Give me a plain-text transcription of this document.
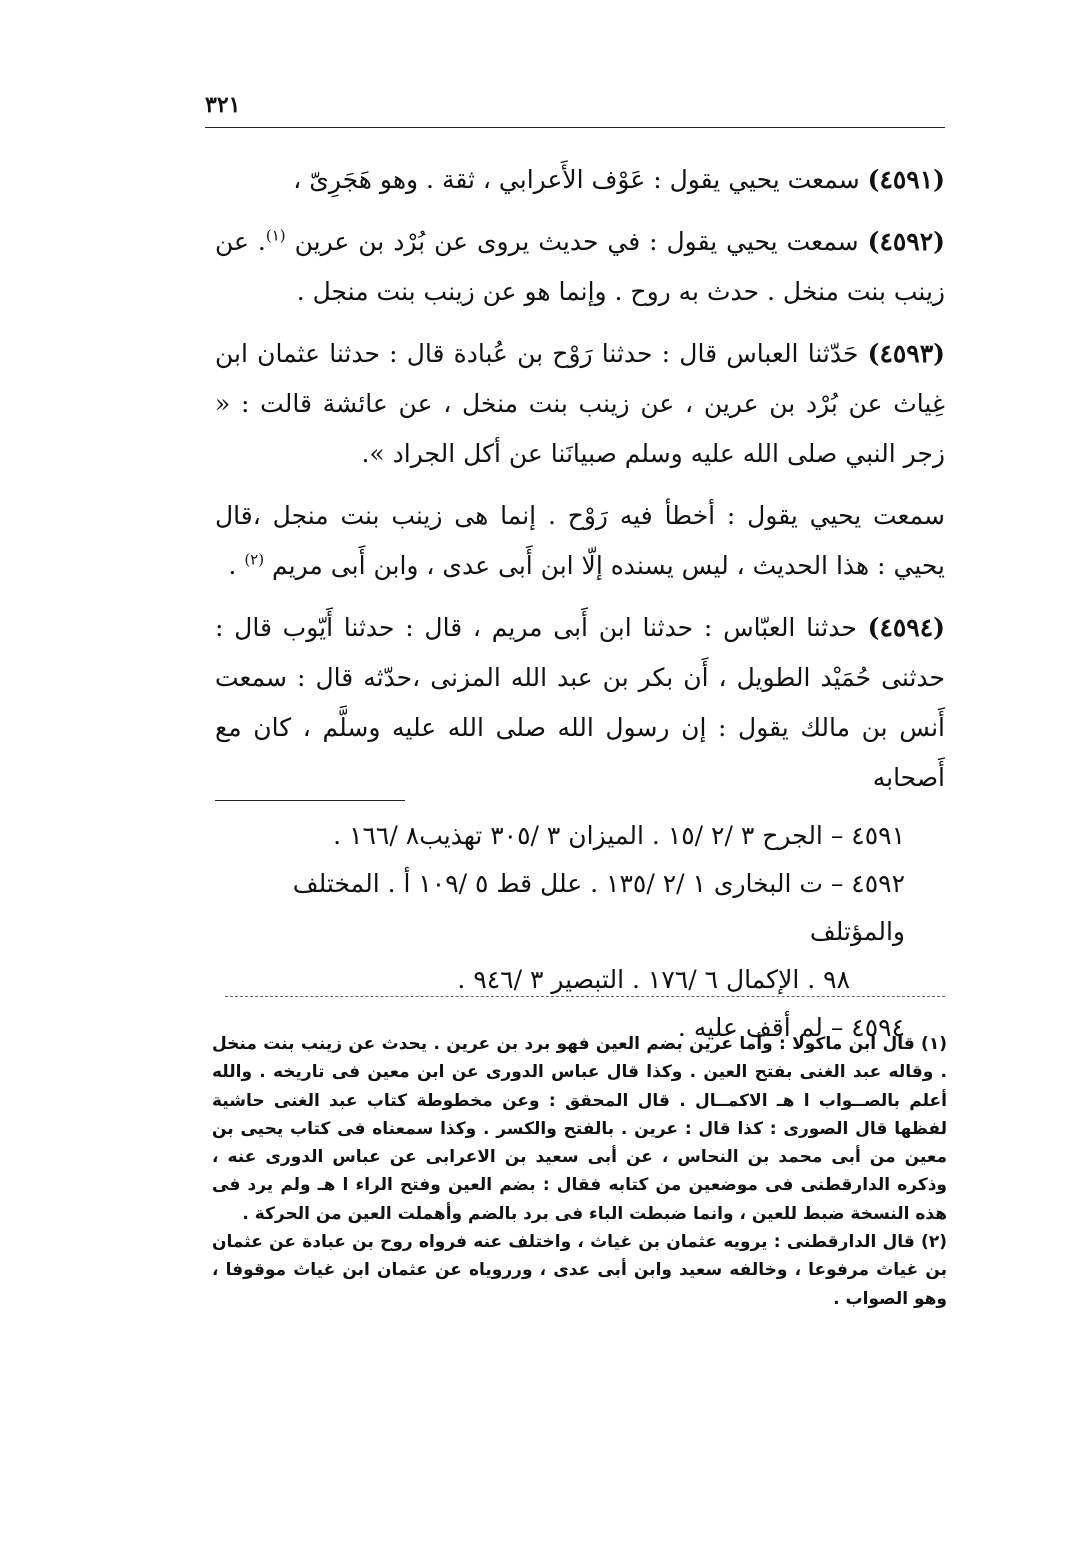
٣٢١

(٤٥٩١) سمعت يحيي يقول : عَوْف الأَعرابي ، ثقة . وهو هَجَرِىّ ،

(٤٥٩٢) سمعت يحيي يقول : في حديث يروى عن بُرْد بن عرين $^{(١)}$. عن زينب بنت منخل . حدث به روح . وإنما هو عن زينب بنت منجل .

(٤٥٩٣) حَدّثنا العباس قال : حدثنا رَوْح بن عُبادة قال : حدثنا عثمان ابن غِياث عن بُرْد بن عرين ، عن زينب بنت منخل ، عن عائشة قالت : « زجر النبي صلى الله عليه وسلم صبيانَنا عن أكل الجراد ».

سمعت يحيي يقول : أخطأ فيه رَوْح . إنما هى زينب بنت منجل ،قال يحيي : هذا الحديث ، ليس يسنده إلّا ابن أَبى عدى ، وابن أَبى مريم $^{(٢)}$ .

(٤٥٩٤) حدثنا العبّاس : حدثنا ابن أَبى مريم ، قال : حدثنا أَيّوب قال : حدثنى حُمَيْد الطويل ، أَن بكر بن عبد الله المزنى ،حدّثه قال : سمعت أَنس بن مالك يقول : إن رسول الله صلى الله عليه وسلَّم ، كان مع أَصحابه

٤٥٩١ – الجرح ٣ /٢ /١٥ . الميزان ٣ /٣٠٥ تهذيب٨ /١٦٦ .
٤٥٩٢ – ت البخارى ١ /٢ /١٣٥ . علل قط ٥ /١٠٩ أ . المختلف والمؤتلف
٩٨ . الإكمال ٦ /١٧٦ . التبصير ٣ /٩٤٦ .
٤٥٩٤ – لم أقف عليه .

(١) قال ابن ماكولا : وأما عرين بضم العين فهو برد بن عرين . يحدث عن زينب بنت منخل . وقاله عبد الغنى بفتح العين . وكذا قال عباس الدورى عن ابن معين فى تاريخه . والله أعلم بالصــواب ا هـ الاكمــال . قال المحقق : وعن مخطوطة كتاب عبد الغنى حاشية لفظها قال الصورى : كذا قال : عرين . بالفتح والكسر . وكذا سمعناه فى كتاب يحيى بن معين من أبى محمد بن النحاس ، عن أبى سعيد بن الاعرابى عن عباس الدورى عنه ، وذكره الدارقطنى فى موضعين من كتابه فقال : بضم العين وفتح الراء ا هـ ولم يرد فى هذه النسخة ضبط للعين ، وانما ضبطت الباء فى برد بالضم وأهملت العين من الحركة .

(٢) قال الدارقطنى : يرويه عثمان بن غياث ، واختلف عنه فرواه روح بن عبادة عن عثمان بن غياث مرفوعا ، وخالفه سعيد وابن أبى عدى ، ورروياه عن عثمان ابن غياث موقوفا ، وهو الصواب .
